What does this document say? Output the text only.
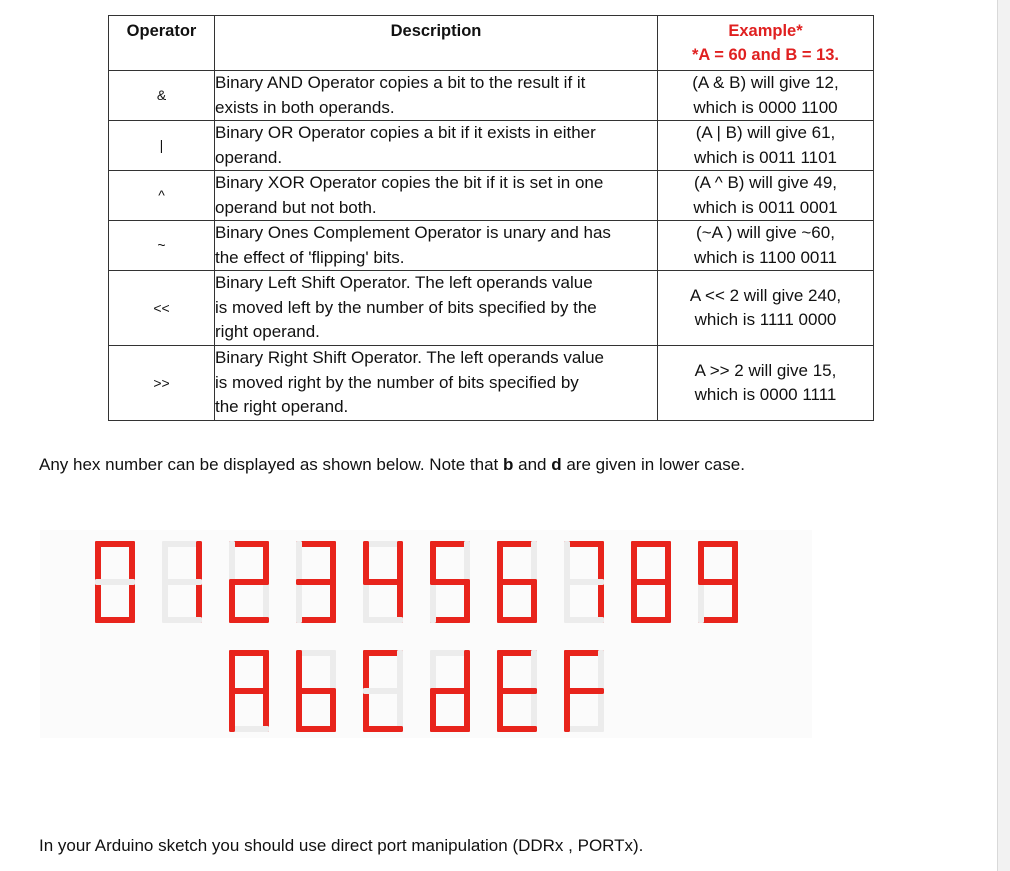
Operator	Description	Example*
*A = 60 and B = 13.

&	Binary AND Operator copies a bit to the result if it
exists in both operands.	(A & B) will give 12,
which is 0000 1100

|	Binary OR Operator copies a bit if it exists in either
operand.	(A | B) will give 61,
which is 0011 1101

^	Binary XOR Operator copies the bit if it is set in one
operand but not both.	(A ^ B) will give 49,
which is 0011 0001

~	Binary Ones Complement Operator is unary and has
the effect of 'flipping' bits.	(~A ) will give ~60,
which is 1100 0011

<<	Binary Left Shift Operator. The left operands value
is moved left by the number of bits specified by the
right operand.	A << 2 will give 240,
which is 1111 0000

>>	Binary Right Shift Operator. The left operands value
is moved right by the number of bits specified by
the right operand.	A >> 2 will give 15,
which is 0000 1111
Any hex number can be displayed as shown below. Note that b and d are given in lower case.
In your Arduino sketch you should use direct port manipulation (DDRx , PORTx).
